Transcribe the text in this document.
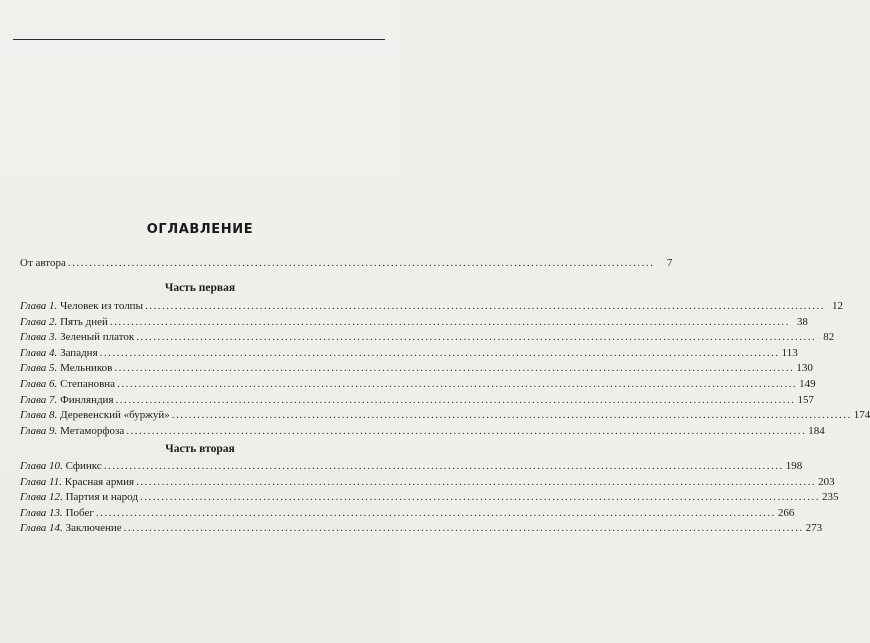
ОГЛАВЛЕНИЕ
От автора ..........................................................................................................................................	7
Часть первая
Глава 1. Человек из толпы ................................................................................................................................................................ 12
Глава 2. Пять дней ................................................................................................................................................................ 38
Глава 3. Зеленый платок ................................................................................................................................................................ 82
Глава 4. Западня ................................................................................................................................................................ 113
Глава 5. Мельников ................................................................................................................................................................ 130
Глава 6. Степановна ................................................................................................................................................................ 149
Глава 7. Финляндия ................................................................................................................................................................ 157
Глава 8. Деревенский «буржуй» ................................................................................................................................................................ 174
Глава 9. Метаморфоза ................................................................................................................................................................ 184
Часть вторая
Глава 10. Сфинкс ................................................................................................................................................................ 198
Глава 11. Красная армия ................................................................................................................................................................ 203
Глава 12. Партия и народ ................................................................................................................................................................ 235
Глава 13. Побег ................................................................................................................................................................ 266
Глава 14. Заключение ................................................................................................................................................................ 273
